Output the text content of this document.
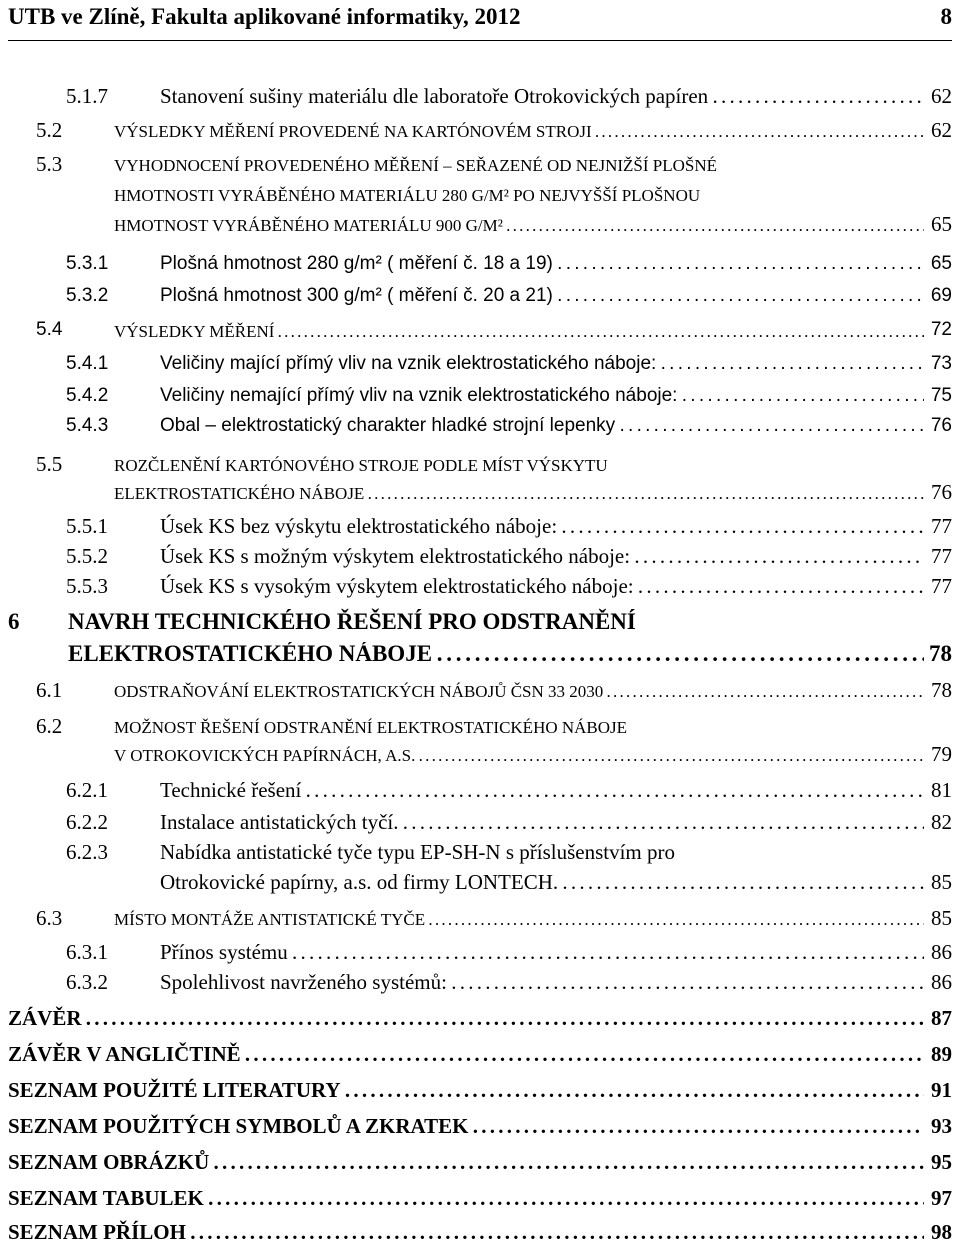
UTB ve Zlíně, Fakulta aplikované informatiky, 2012	8
5.1.7 Stanovení sušiny materiálu dle laboratoře Otrokovických papíren . . .	62
5.2	VÝSLEDKY MĚŘENÍ PROVEDENÉ NA KARTÓNOVÉM STROJI . . .	62
5.3	VYHODNOCENÍ PROVEDENÉHO MĚŘENÍ – SEŘAZENÉ OD NEJNIŽŠÍ PLOŠNÉ
HMOTNOSTI VYRÁBĚNÉHO MATERIÁLU 280 G/M² PO NEJVYŠŠÍ PLOŠNOU
HMOTNOST VYRÁBĚNÉHO MATERIÁLU 900 G/M² . . .	65
5.3.1	Plošná hmotnost 280 g/m² ( měření č. 18 a 19) . . .	65
5.3.2	Plošná hmotnost 300 g/m² ( měření č. 20 a 21) . . .	69
5.4	VÝSLEDKY MĚŘENÍ . . .	72
5.4.1	Veličiny mající přímý vliv na vznik elektrostatického náboje: . . .	73
5.4.2	Veličiny nemající přímý vliv na vznik elektrostatického náboje: . . .	75
5.4.3	Obal – elektrostatický charakter hladké strojní lepenky . . .	76
5.5	ROZČLENĚNÍ KARTÓNOVÉHO STROJE PODLE MÍST VÝSKYTU
ELEKTROSTATICKÉHO NÁBOJE . . .	76
5.5.1 Úsek KS bez výskytu elektrostatického náboje: . . .	77
5.5.2 Úsek KS s možným výskytem elektrostatického náboje: . . .	77
5.5.3 Úsek KS s vysokým výskytem elektrostatického náboje: . . .	77
6 NAVRH TECHNICKÉHO ŘEŠENÍ PRO ODSTRANĚNÍ
ELEKTROSTATICKÉHO NÁBOJE . . .	78
6.1	ODSTRAŇOVÁNÍ ELEKTROSTATICKÝCH NÁBOJŮ ČSN 33 2030 . . .	78
6.2	MOŽNOST ŘEŠENÍ ODSTRANĚNÍ ELEKTROSTATICKÉHO NÁBOJE
V OTROKOVICKÝCH PAPÍRNÁCH, A.S. . . .	79
6.2.1 Technické řešení . . .	81
6.2.2 Instalace antistatických tyčí. . . .	82
6.2.3 Nabídka antistatické tyče typu EP-SH-N s příslušenstvím pro
Otrokovické papírny, a.s. od firmy LONTECH. . . .	85
6.3	MÍSTO MONTÁŽE ANTISTATICKÉ TYČE . . .	85
6.3.1 Přínos systému . . .	86
6.3.2 Spolehlivost navrženého systémů: . . .	86
ZÁVĚR . . .	87
ZÁVĚR V ANGLIČTINĚ . . .	89
SEZNAM POUŽITÉ LITERATURY . . .	91
SEZNAM POUŽITÝCH SYMBOLŮ A ZKRATEK . . .	93
SEZNAM OBRÁZKŮ . . .	95
SEZNAM TABULEK . . .	97
SEZNAM PŘÍLOH . . .	98
